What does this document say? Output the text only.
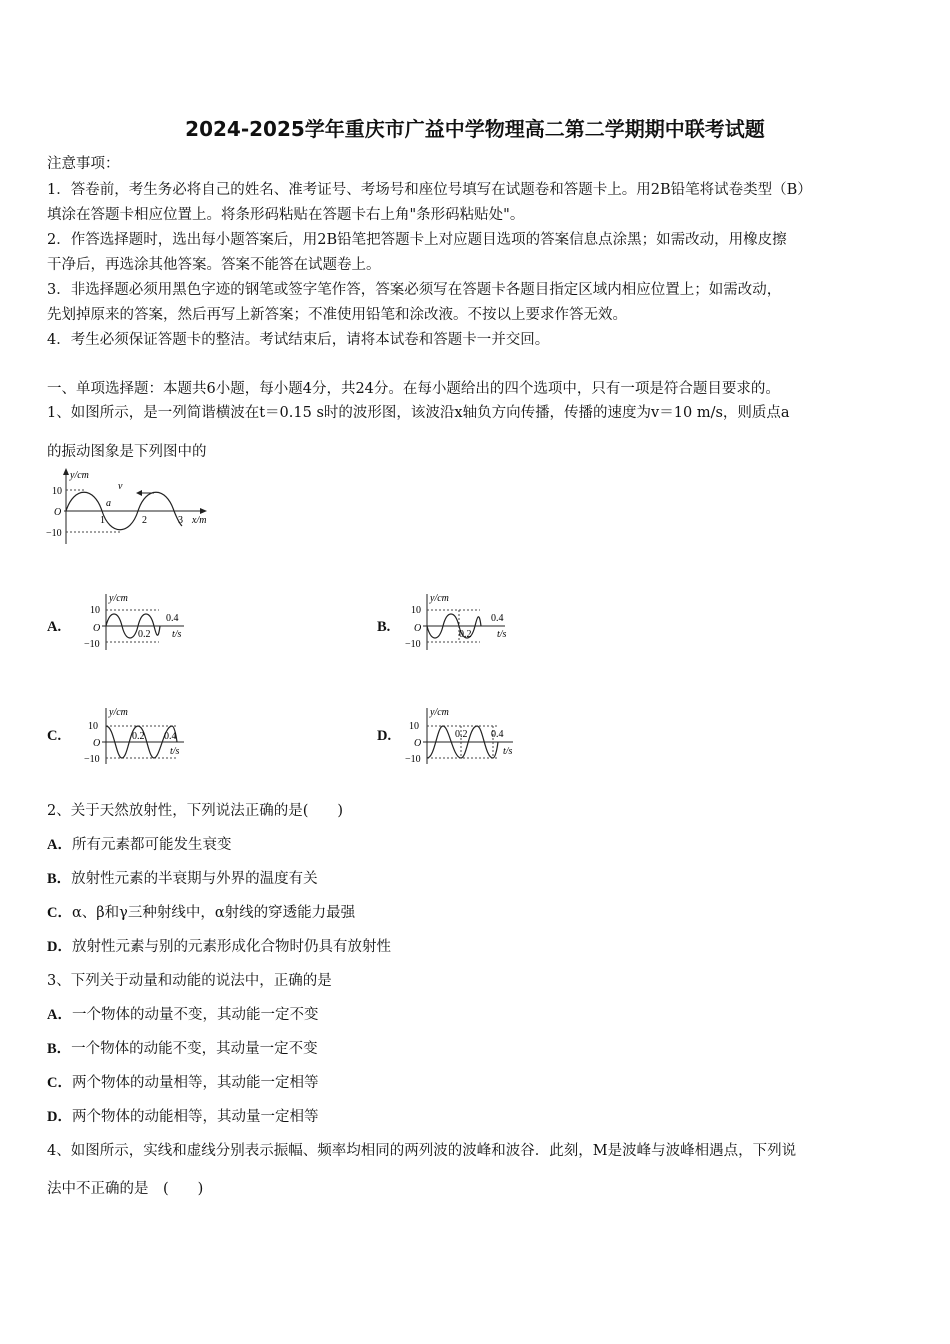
2024-2025学年重庆市广益中学物理高二第二学期期中联考试题
注意事项：
1．答卷前，考生务必将自己的姓名、准考证号、考场号和座位号填写在试题卷和答题卡上。用2B铅笔将试卷类型（B）
填涂在答题卡相应位置上。将条形码粘贴在答题卡右上角"条形码粘贴处"。
2．作答选择题时，选出每小题答案后，用2B铅笔把答题卡上对应题目选项的答案信息点涂黑；如需改动，用橡皮擦
干净后，再选涂其他答案。答案不能答在试题卷上。
3．非选择题必须用黑色字迹的钢笔或签字笔作答，答案必须写在答题卡各题目指定区域内相应位置上；如需改动，
先划掉原来的答案，然后再写上新答案；不准使用铅笔和涂改液。不按以上要求作答无效。
4．考生必须保证答题卡的整洁。考试结束后，请将本试卷和答题卡一并交回。
一、单项选择题：本题共6小题，每小题4分，共24分。在每小题给出的四个选项中，只有一项是符合题目要求的。
1、如图所示，是一列简谐横波在t＝0.15 s时的波形图，该波沿x轴负方向传播，传播的速度为v＝10 m/s，则质点a
的振动图象是下列图中的
y/cm
10
O
−10
1	2	3 x/m
a
v
A.
y/cm
10
O
−10
0.2
0.4
t/s	B.
y/cm
10
O
−10
0.2
0.4
t/s
C.
y/cm
10
O
−10
0.2 0.4
t/s
D.
y/cm
10
O
−10
0.2 0.4
t/s
2、关于天然放射性，下列说法正确的是(　　)
A．所有元素都可能发生衰变
B．放射性元素的半衰期与外界的温度有关
C．α、β和γ三种射线中，α射线的穿透能力最强
D．放射性元素与别的元素形成化合物时仍具有放射性
3、下列关于动量和动能的说法中，正确的是
A．一个物体的动量不变，其动能一定不变
B．一个物体的动能不变，其动量一定不变
C．两个物体的动量相等，其动能一定相等
D．两个物体的动能相等，其动量一定相等
4、如图所示，实线和虚线分别表示振幅、频率均相同的两列波的波峰和波谷．此刻，M是波峰与波峰相遇点，下列说
法中不正确的是　(　　)
